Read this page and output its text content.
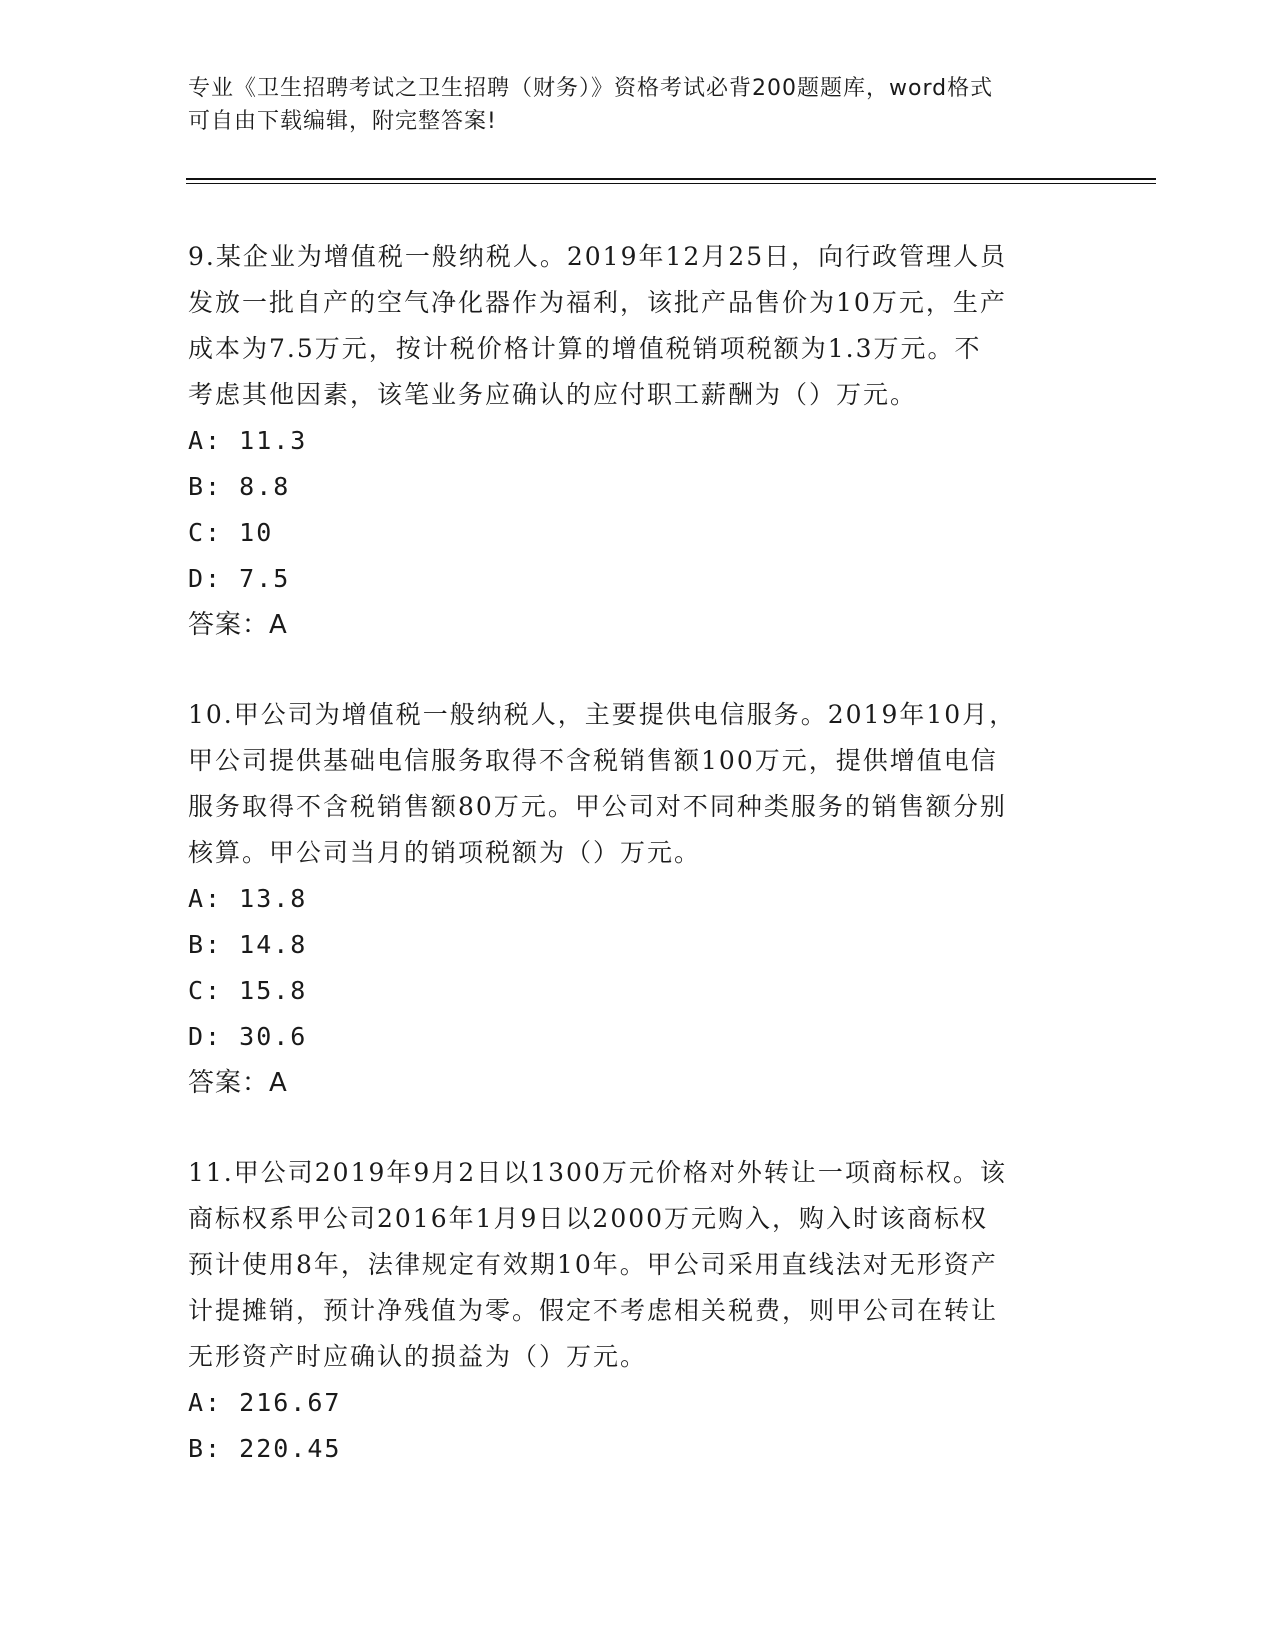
专业《卫生招聘考试之卫生招聘（财务）》资格考试必背200题题库，word格式
可自由下载编辑，附完整答案!
9.某企业为增值税一般纳税人。2019年12月25日，向行政管理人员
发放一批自产的空气净化器作为福利，该批产品售价为10万元，生产
成本为7.5万元，按计税价格计算的增值税销项税额为1.3万元。不
考虑其他因素，该笔业务应确认的应付职工薪酬为（）万元。
A: 11.3
B: 8.8
C: 10
D: 7.5
答案：A
10.甲公司为增值税一般纳税人，主要提供电信服务。2019年10月，
甲公司提供基础电信服务取得不含税销售额100万元，提供增值电信
服务取得不含税销售额80万元。甲公司对不同种类服务的销售额分别
核算。甲公司当月的销项税额为（）万元。
A: 13.8
B: 14.8
C: 15.8
D: 30.6
答案：A
11.甲公司2019年9月2日以1300万元价格对外转让一项商标权。该
商标权系甲公司2016年1月9日以2000万元购入，购入时该商标权
预计使用8年，法律规定有效期10年。甲公司采用直线法对无形资产
计提摊销，预计净残值为零。假定不考虑相关税费，则甲公司在转让
无形资产时应确认的损益为（）万元。
A: 216.67
B: 220.45
